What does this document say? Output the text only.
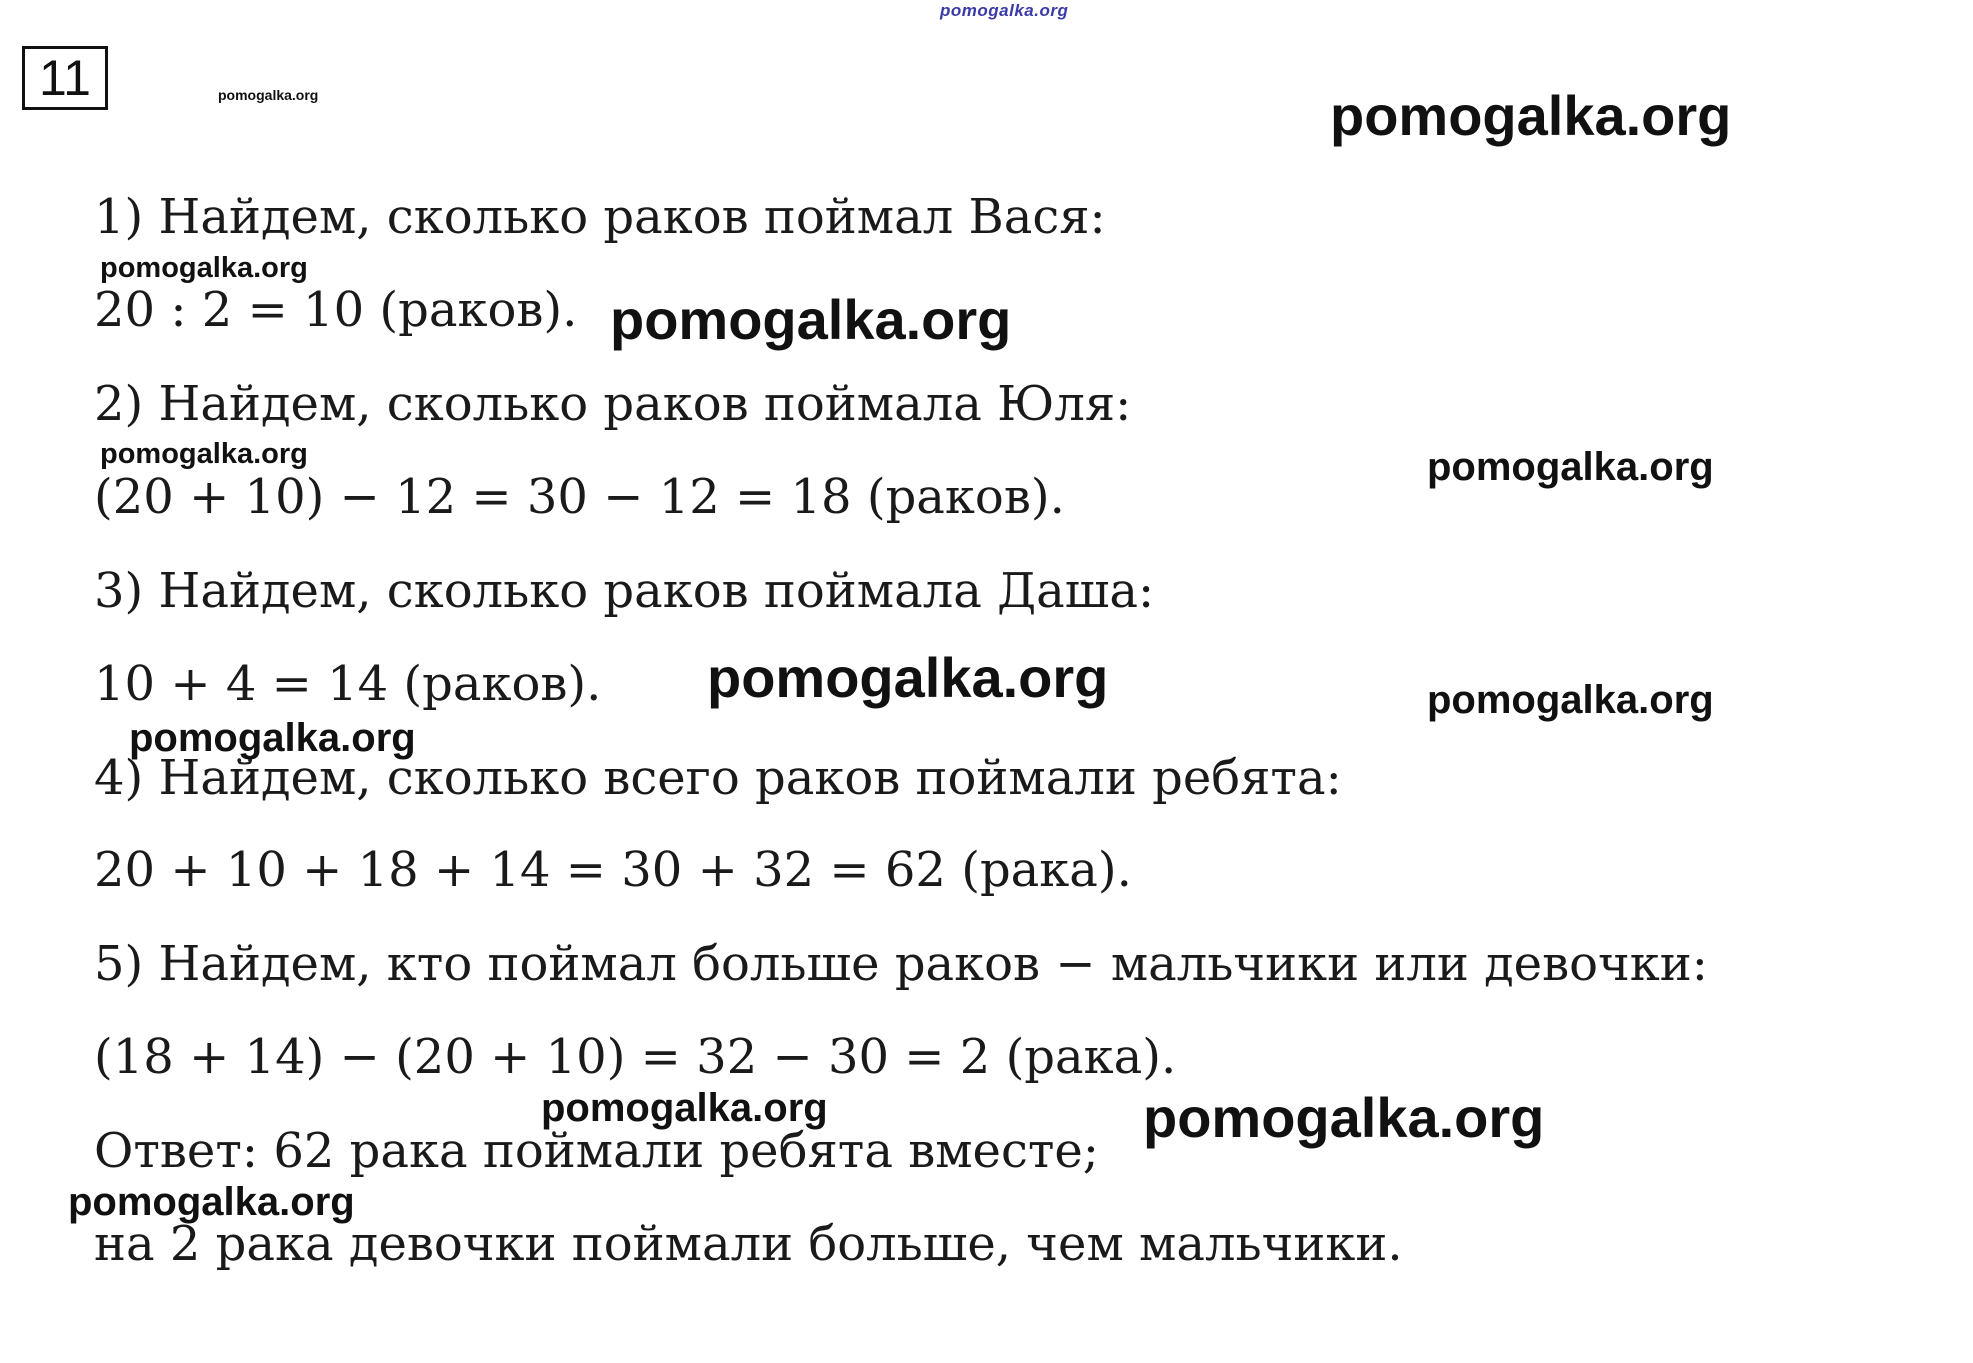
11
1) Найдем, сколько раков поймал Вася:
20 : 2 = 10 (раков).
2) Найдем, сколько раков поймала Юля:
(20 + 10) − 12 = 30 − 12 = 18 (раков).
3) Найдем, сколько раков поймала Даша:
10 + 4 = 14 (раков).
4) Найдем, сколько всего раков поймали ребята:
20 + 10 + 18 + 14 = 30 + 32 = 62 (рака).
5) Найдем, кто поймал больше раков − мальчики или девочки:
(18 + 14) − (20 + 10) = 32 − 30 = 2 (рака).
Ответ: 62 рака поймали ребята вместе;
на 2 рака девочки поймали больше, чем мальчики.
pomogalka.org
pomogalka.org	pomogalka.org
pomogalka.org
pomogalka.org
pomogalka.org	pomogalka.org
pomogalka.org	pomogalka.org
pomogalka.org
pomogalka.org	pomogalka.org
pomogalka.org
